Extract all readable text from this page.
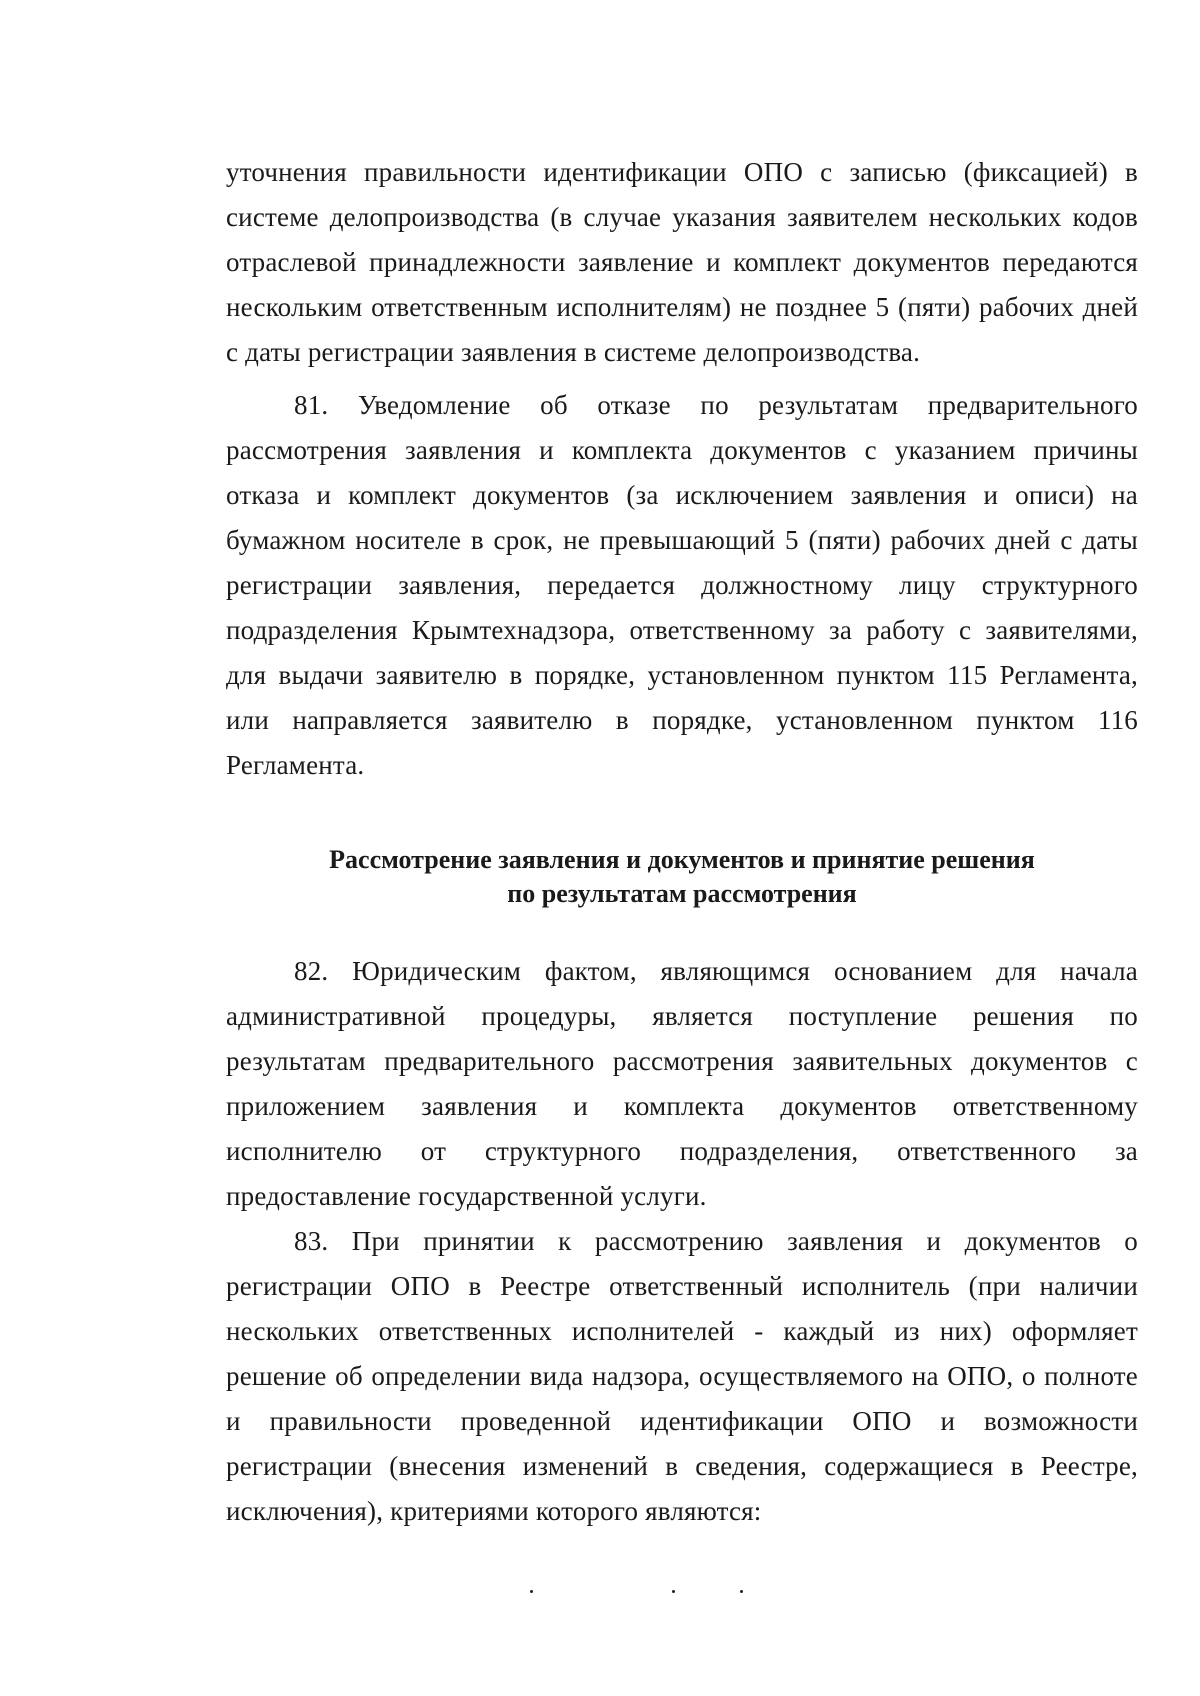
уточнения правильности идентификации ОПО с записью (фиксацией) в системе делопроизводства (в случае указания заявителем нескольких кодов отраслевой принадлежности заявление и комплект документов передаются нескольким ответственным исполнителям) не позднее 5 (пяти) рабочих дней с даты регистрации заявления в системе делопроизводства.

81. Уведомление об отказе по результатам предварительного рассмотрения заявления и комплекта документов с указанием причины отказа и комплект документов (за исключением заявления и описи) на бумажном носителе в срок, не превышающий 5 (пяти) рабочих дней с даты регистрации заявления, передается должностному лицу структурного подразделения Крымтехнадзора, ответственному за работу с заявителями, для выдачи заявителю в порядке, установленном пунктом 115 Регламента, или направляется заявителю в порядке, установленном пунктом 116 Регламента.

Рассмотрение заявления и документов и принятие решения
по результатам рассмотрения

82. Юридическим фактом, являющимся основанием для начала административной процедуры, является поступление решения по результатам предварительного рассмотрения заявительных документов с приложением заявления и комплекта документов ответственному исполнителю от структурного подразделения, ответственного за предоставление государственной услуги.

83. При принятии к рассмотрению заявления и документов о регистрации ОПО в Реестре ответственный исполнитель (при наличии нескольких ответственных исполнителей - каждый из них) оформляет решение об определении вида надзора, осуществляемого на ОПО, о полноте и правильности проведенной идентификации ОПО и возможности регистрации (внесения изменений в сведения, содержащиеся в Реестре, исключения), критериями которого являются:
